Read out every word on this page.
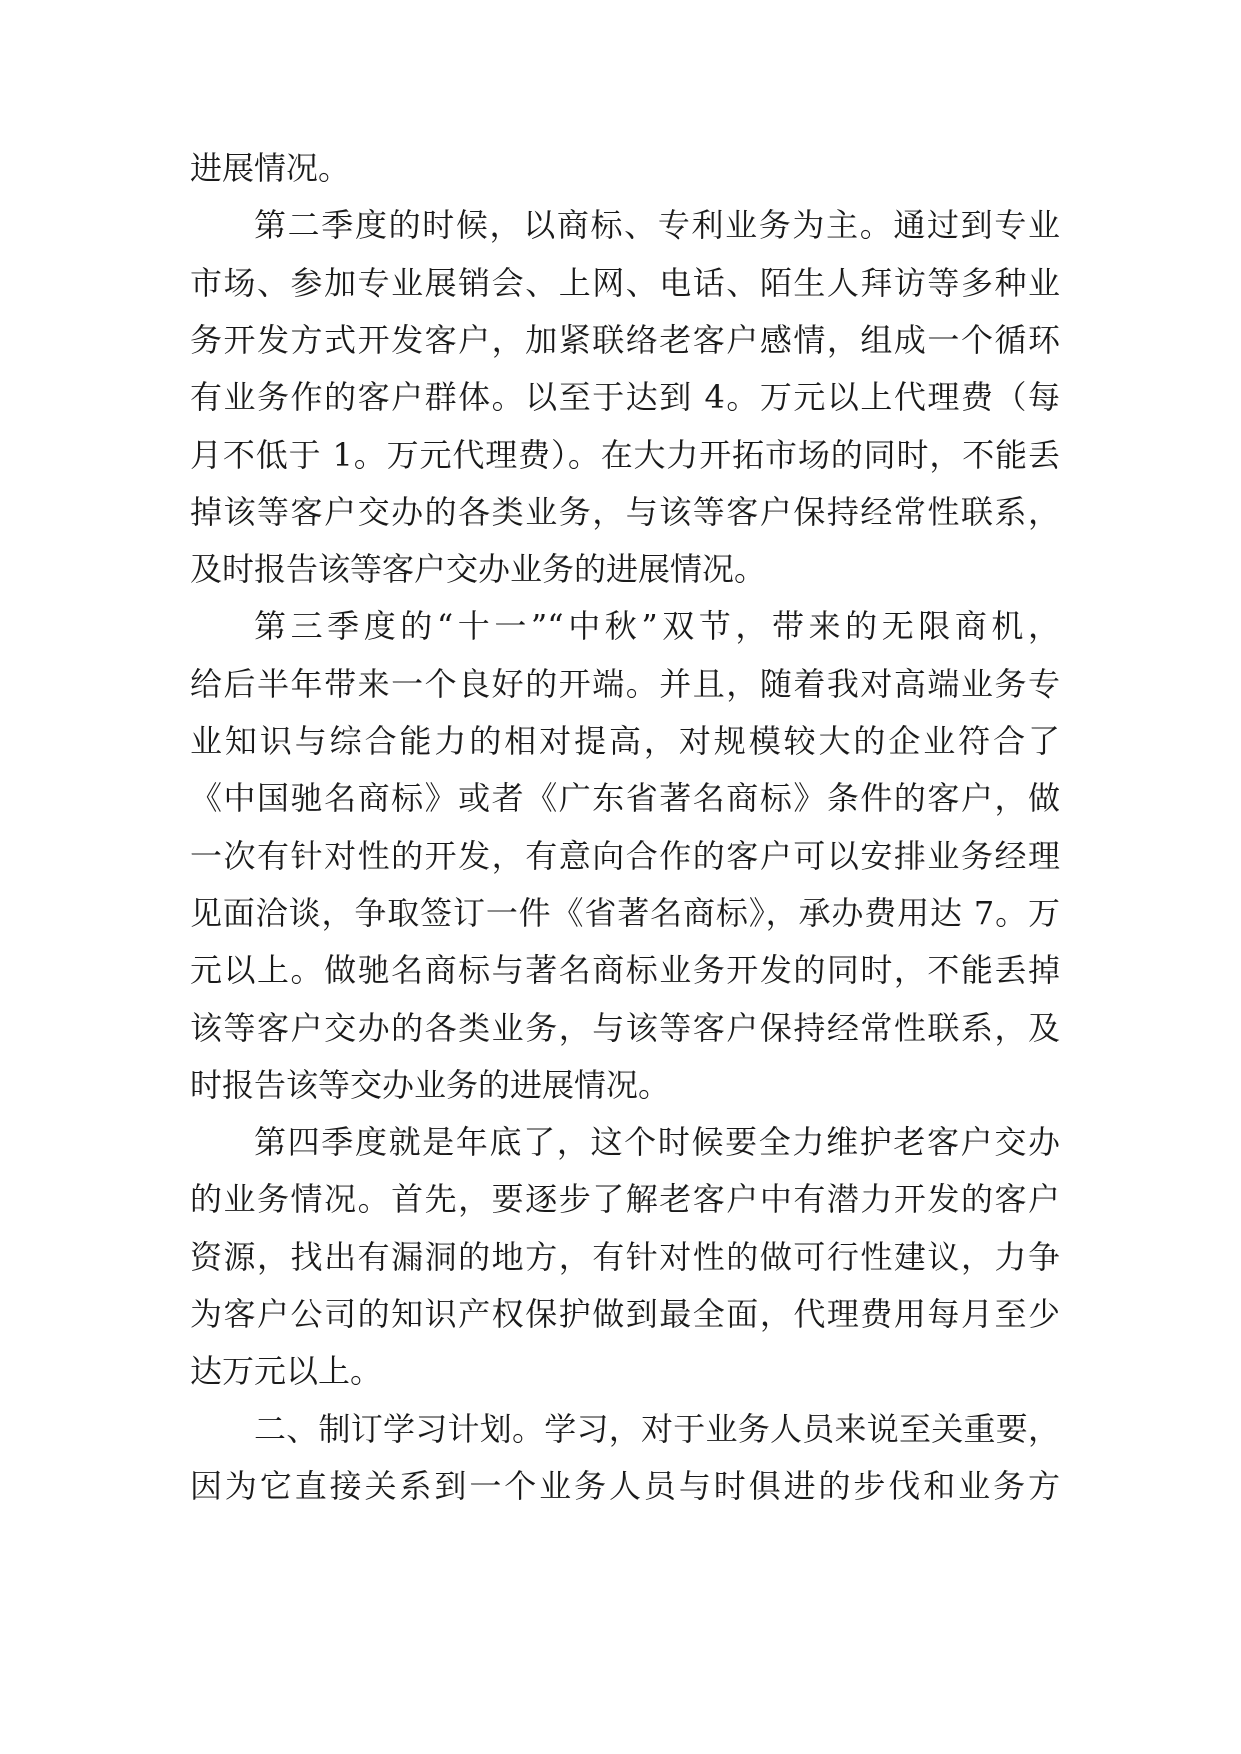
进展情况。
第二季度的时候，以商标、专利业务为主。通过到专业
市场、参加专业展销会、上网、电话、陌生人拜访等多种业
务开发方式开发客户，加紧联络老客户感情，组成一个循环
有业务作的客户群体。以至于达到 4。万元以上代理费（每
月不低于 1。万元代理费）。在大力开拓市场的同时，不能丢
掉该等客户交办的各类业务，与该等客户保持经常性联系，
及时报告该等客户交办业务的进展情况。
第三季度的“十一”“中秋”双节，带来的无限商机，
给后半年带来一个良好的开端。并且，随着我对高端业务专
业知识与综合能力的相对提高，对规模较大的企业符合了
《中国驰名商标》或者《广东省著名商标》条件的客户，做
一次有针对性的开发，有意向合作的客户可以安排业务经理
见面洽谈，争取签订一件《省著名商标》，承办费用达 7。万
元以上。做驰名商标与著名商标业务开发的同时，不能丢掉
该等客户交办的各类业务，与该等客户保持经常性联系，及
时报告该等交办业务的进展情况。
第四季度就是年底了，这个时候要全力维护老客户交办
的业务情况。首先，要逐步了解老客户中有潜力开发的客户
资源，找出有漏洞的地方，有针对性的做可行性建议，力争
为客户公司的知识产权保护做到最全面，代理费用每月至少
达万元以上。
二、制订学习计划。学习，对于业务人员来说至关重要，
因为它直接关系到一个业务人员与时俱进的步伐和业务方
